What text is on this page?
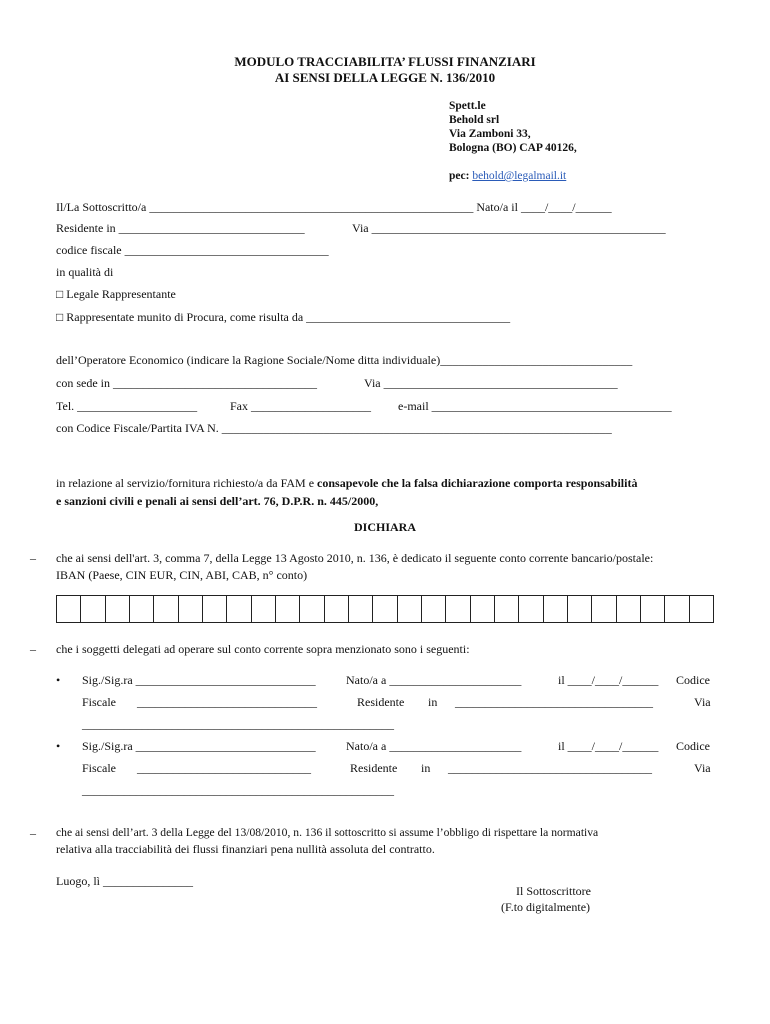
MODULO TRACCIABILITA’ FLUSSI FINANZIARI
AI SENSI DELLA LEGGE N. 136/2010
Spett.le
Behold srl
Via Zamboni 33,
Bologna (BO) CAP 40126,
pec: behold@legalmail.it
Il/La Sottoscritto/a ______________________________________________________ Nato/a il ____/____/______
Residente in _______________________________	Via _________________________________________________
codice fiscale __________________________________
in qualità di
□ Legale Rappresentante
□ Rappresentate munito di Procura, come risulta da __________________________________
dell’Operatore Economico (indicare la Ragione Sociale/Nome ditta individuale)________________________________
con sede in __________________________________	Via _______________________________________
Tel. ____________________	Fax ____________________ e-mail ________________________________________
con Codice Fiscale/Partita IVA N. _________________________________________________________________
in relazione al servizio/fornitura richiesto/a da FAM e consapevole che la falsa dichiarazione comporta responsabilità
e sanzioni civili e penali ai sensi dell’art. 76, D.P.R. n. 445/2000,
DICHIARA
– che ai sensi dell'art. 3, comma 7, della Legge 13 Agosto 2010, n. 136, è dedicato il seguente conto corrente bancario/postale:
IBAN (Paese, CIN EUR, CIN, ABI, CAB, n° conto)
– che i soggetti delegati ad operare sul conto corrente sopra menzionato sono i seguenti:
• Sig./Sig.ra ______________________________	Nato/a a ______________________	il ____/____/______ Codice
Fiscale ______________________________	Residente in _________________________________	Via
____________________________________________________
• Sig./Sig.ra ______________________________	Nato/a a ______________________	il ____/____/______ Codice
Fiscale _____________________________	Residente in __________________________________	Via
____________________________________________________
– che ai sensi dell’art. 3 della Legge del 13/08/2010, n. 136 il sottoscritto si assume l’obbligo di rispettare la normativa
relativa alla tracciabilità dei flussi finanziari pena nullità assoluta del contratto.
Luogo, lì _______________
Il Sottoscrittore
(F.to digitalmente)
